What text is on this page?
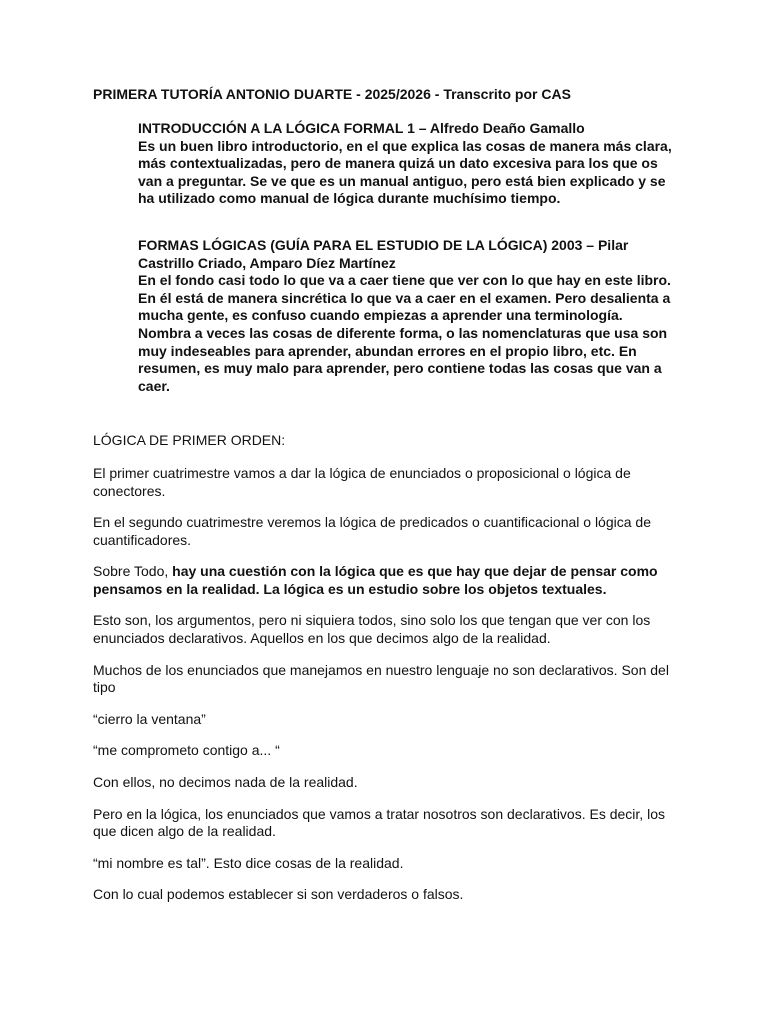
PRIMERA TUTORÍA ANTONIO DUARTE - 2025/2026 - Transcrito por CAS

INTRODUCCIÓN A LA LÓGICA FORMAL 1 – Alfredo Deaño Gamallo

Es un buen libro introductorio, en el que explica las cosas de manera más clara, más contextualizadas, pero de manera quizá un dato excesiva para los que os van a preguntar. Se ve que es un manual antiguo, pero está bien explicado y se ha utilizado como manual de lógica durante muchísimo tiempo.

FORMAS LÓGICAS (GUÍA PARA EL ESTUDIO DE LA LÓGICA) 2003 – Pilar Castrillo Criado, Amparo Díez Martínez

En el fondo casi todo lo que va a caer tiene que ver con lo que hay en este libro. En él está de manera sincrética lo que va a caer en el examen. Pero desalienta a mucha gente, es confuso cuando empiezas a aprender una terminología. Nombra a veces las cosas de diferente forma, o las nomenclaturas que usa son muy indeseables para aprender, abundan errores en el propio libro, etc. En resumen, es muy malo para aprender, pero contiene todas las cosas que van a caer.

LÓGICA DE PRIMER ORDEN:

El primer cuatrimestre vamos a dar la lógica de enunciados o proposicional o lógica de conectores.

En el segundo cuatrimestre veremos la lógica de predicados o cuantificacional o lógica de cuantificadores.

Sobre Todo, hay una cuestión con la lógica que es que hay que dejar de pensar como pensamos en la realidad. La lógica es un estudio sobre los objetos textuales.

Esto son, los argumentos, pero ni siquiera todos, sino solo los que tengan que ver con los enunciados declarativos. Aquellos en los que decimos algo de la realidad.

Muchos de los enunciados que manejamos en nuestro lenguaje no son declarativos. Son del tipo

“cierro la ventana”

“me comprometo contigo a... “

Con ellos, no decimos nada de la realidad.

Pero en la lógica, los enunciados que vamos a tratar nosotros son declarativos. Es decir, los que dicen algo de la realidad.

“mi nombre es tal”. Esto dice cosas de la realidad.

Con lo cual podemos establecer si son verdaderos o falsos.
